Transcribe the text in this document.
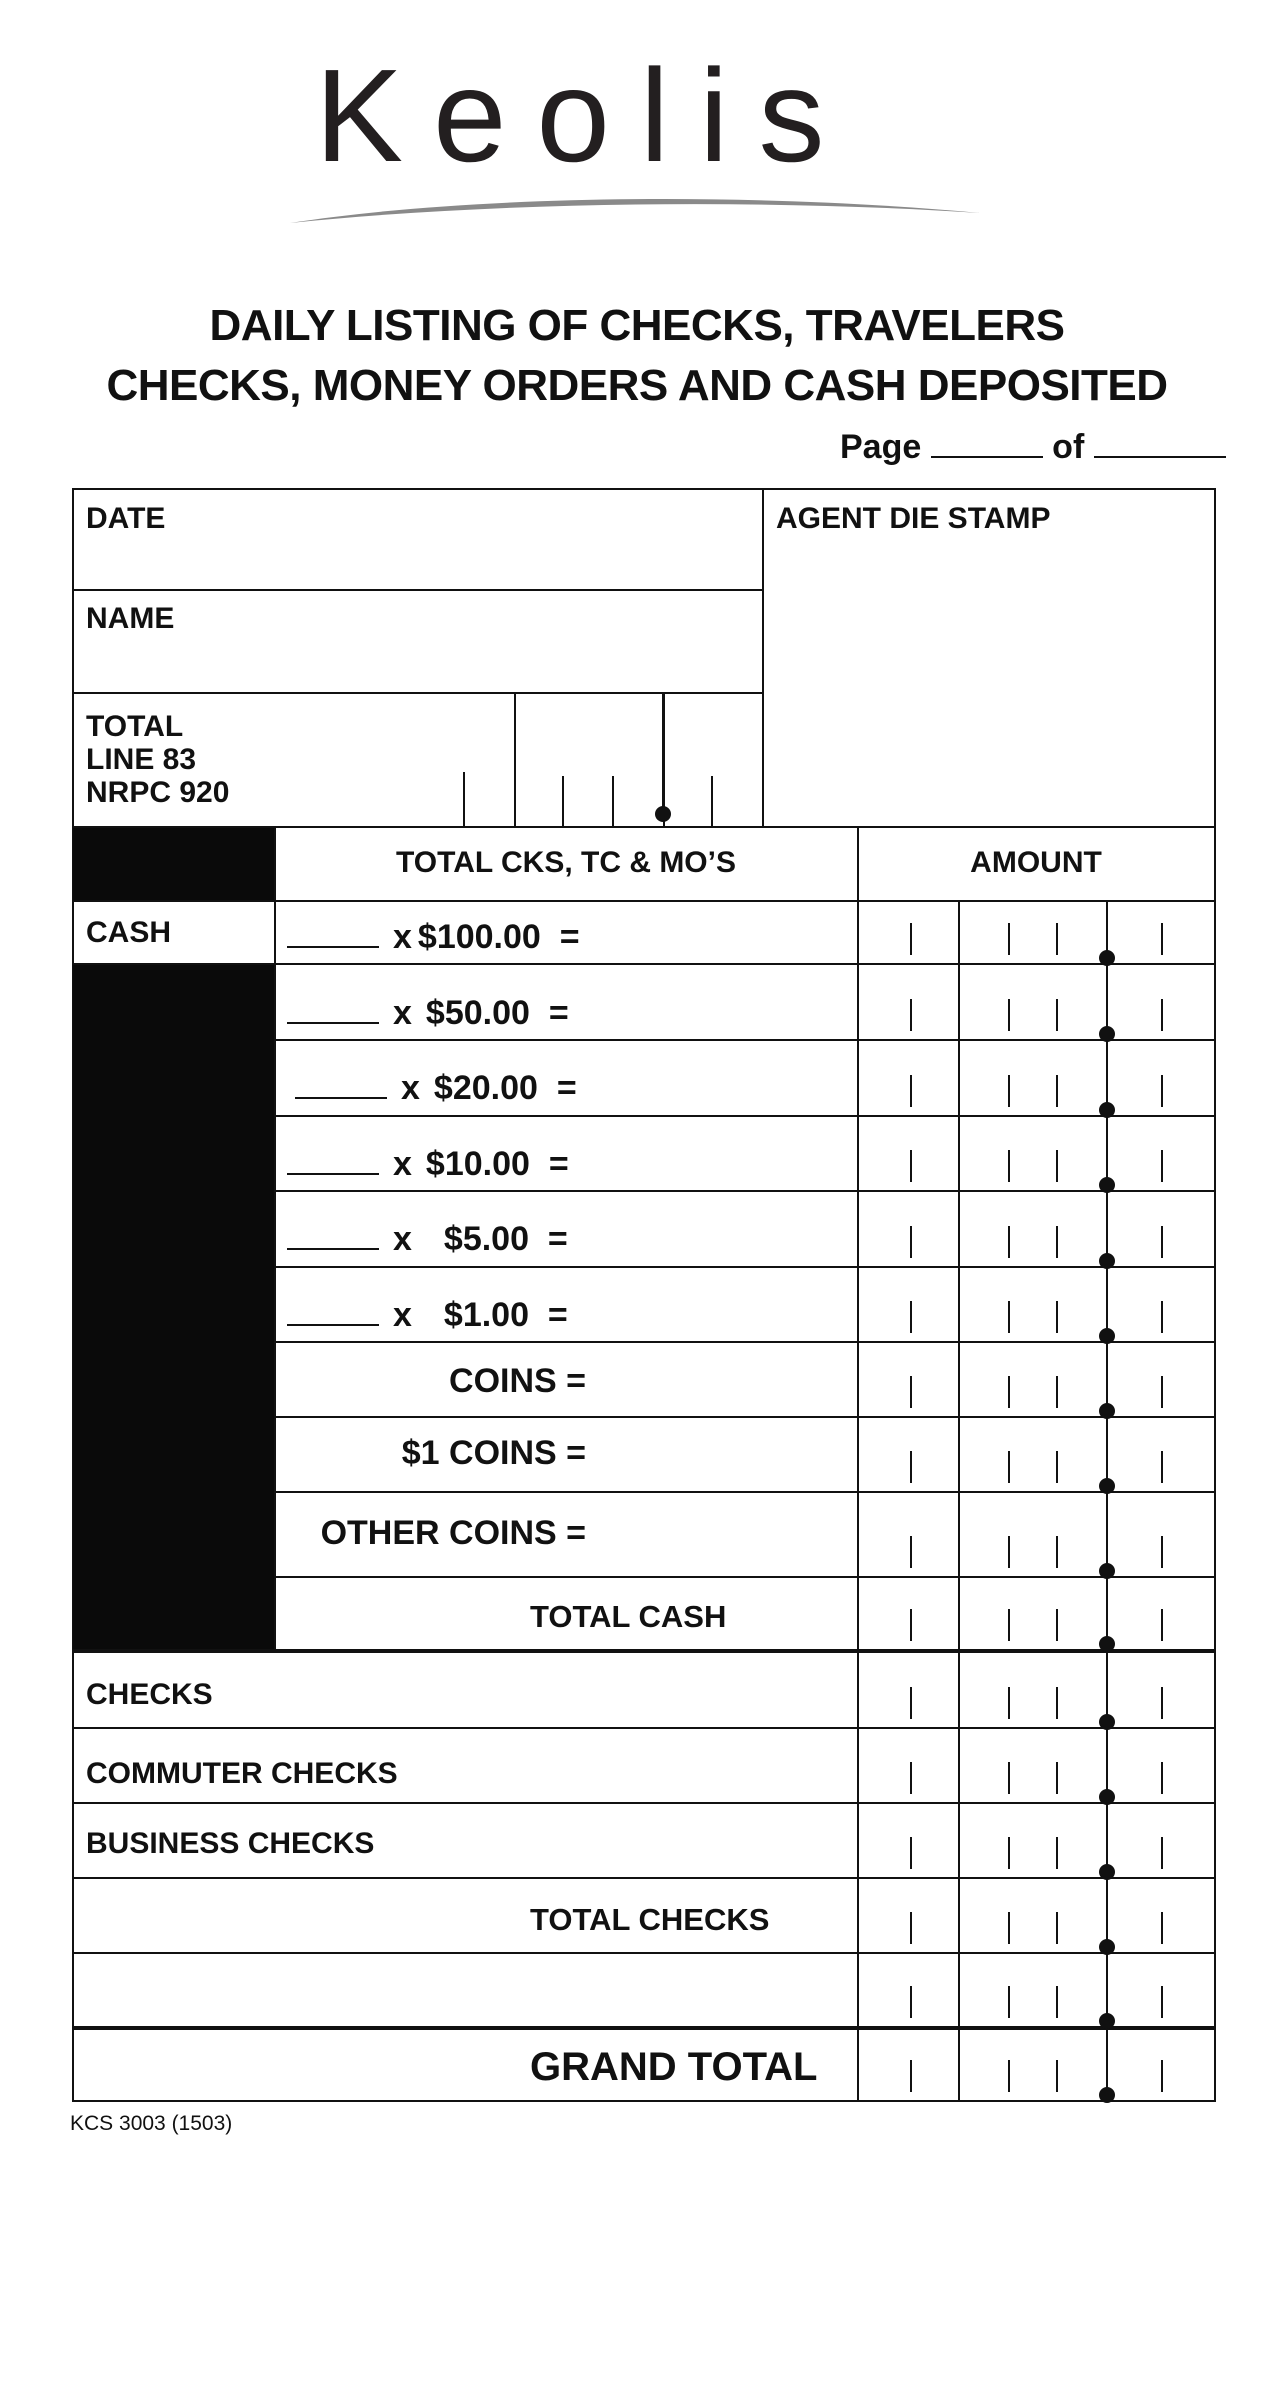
Keolis
DAILY LISTING OF CHECKS, TRAVELERS
CHECKS, MONEY ORDERS AND CASH DEPOSITED
Page	of
DATE
NAME
TOTAL
LINE 83
NRPC 920
AGENT DIE STAMP
TOTAL CKS, TC & MO’S	AMOUNT
CASH	x $100.00 =
x $50.00 =
x $20.00 =
x $10.00 =
x $5.00 =
x $1.00 =
COINS =
$1 COINS =
OTHER COINS =
TOTAL CASH
CHECKS
COMMUTER CHECKS
BUSINESS CHECKS
TOTAL CHECKS
GRAND TOTAL
KCS 3003 (1503)
